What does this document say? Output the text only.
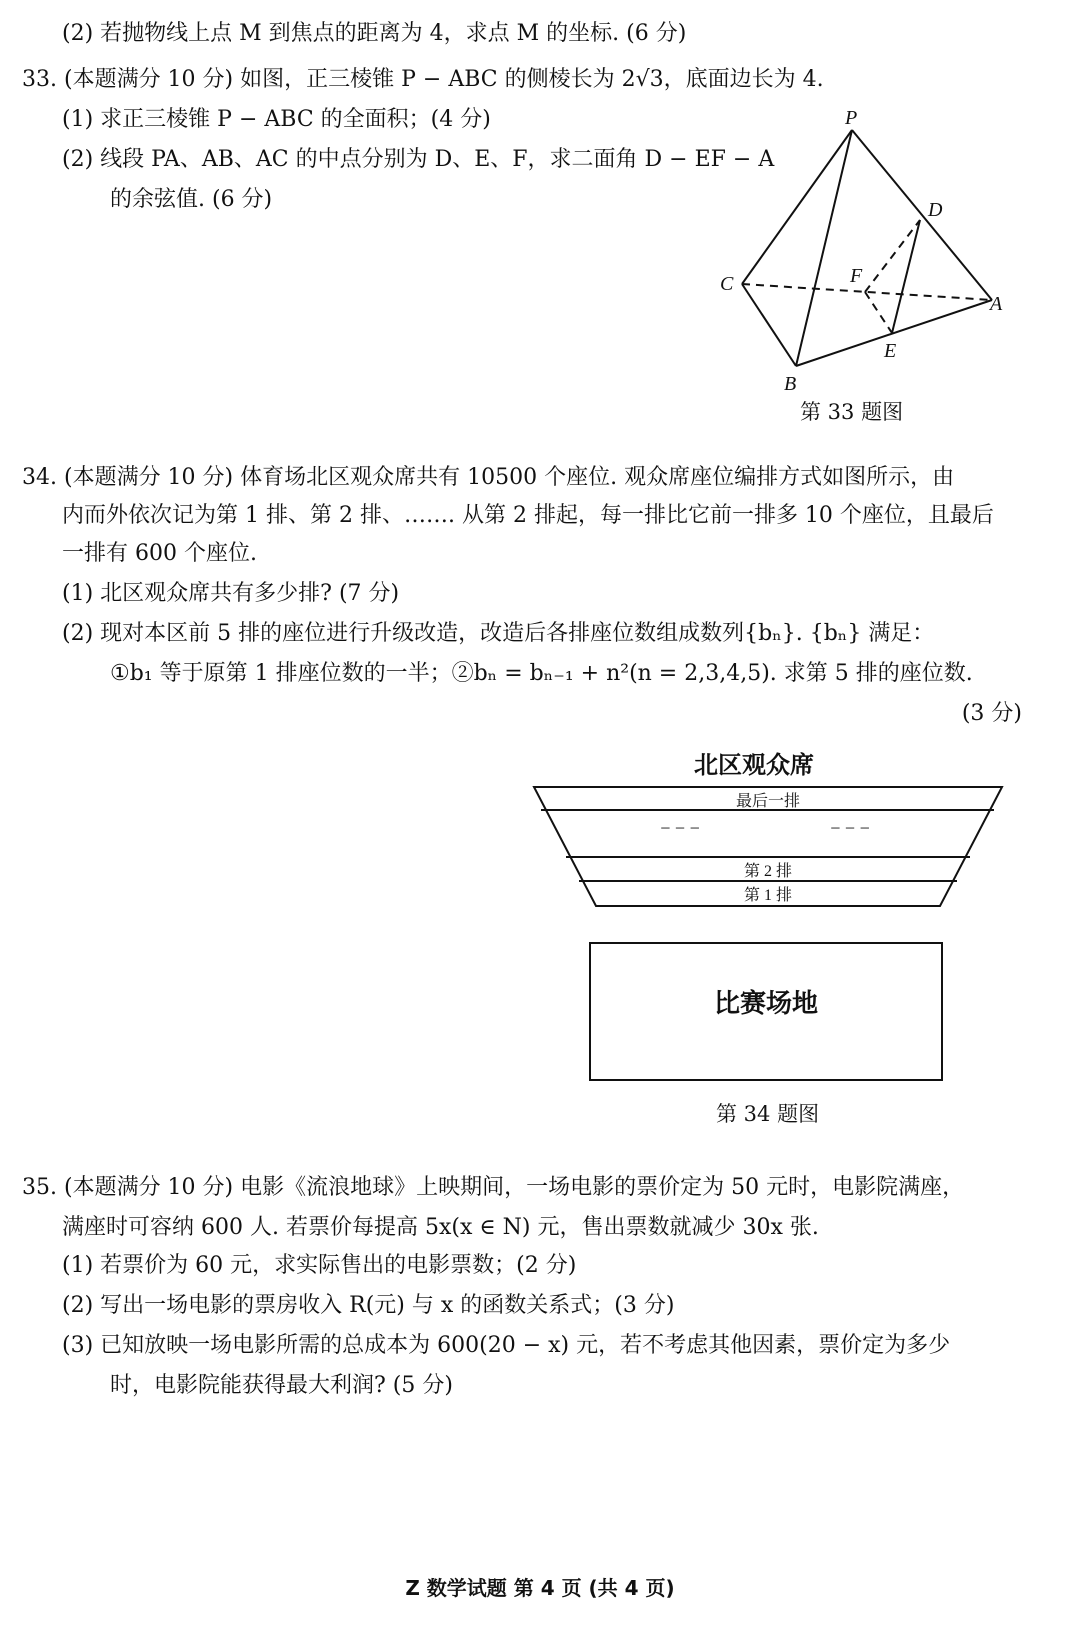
(2) 若抛物线上点 M 到焦点的距离为 4，求点 M 的坐标. (6 分)
33. (本题满分 10 分) 如图，正三棱锥 P − ABC 的侧棱长为 2√3，底面边长为 4.
(1) 求正三棱锥 P − ABC 的全面积；(4 分)
(2) 线段 PA、AB、AC 的中点分别为 D、E、F，求二面角 D − EF − A
的余弦值. (6 分)
P
D
C	F
A
E
B
第 33 题图
34. (本题满分 10 分) 体育场北区观众席共有 10500 个座位. 观众席座位编排方式如图所示，由
内而外依次记为第 1 排、第 2 排、……. 从第 2 排起，每一排比它前一排多 10 个座位，且最后
一排有 600 个座位.
(1) 北区观众席共有多少排? (7 分)
(2) 现对本区前 5 排的座位进行升级改造，改造后各排座位数组成数列{bₙ}. {bₙ} 满足：
①b₁ 等于原第 1 排座位数的一半；②bₙ = bₙ₋₁ + n²(n = 2,3,4,5). 求第 5 排的座位数.
(3 分)
北区观众席
最后一排
− − −	− − −
第 2 排
第 1 排
比赛场地
第 34 题图
35. (本题满分 10 分) 电影《流浪地球》上映期间，一场电影的票价定为 50 元时，电影院满座，
满座时可容纳 600 人. 若票价每提高 5x(x ∈ N) 元，售出票数就减少 30x 张.
(1) 若票价为 60 元，求实际售出的电影票数；(2 分)
(2) 写出一场电影的票房收入 R(元) 与 x 的函数关系式；(3 分)
(3) 已知放映一场电影所需的总成本为 600(20 − x) 元，若不考虑其他因素，票价定为多少
时，电影院能获得最大利润? (5 分)
Z 数学试题 第 4 页 (共 4 页)
